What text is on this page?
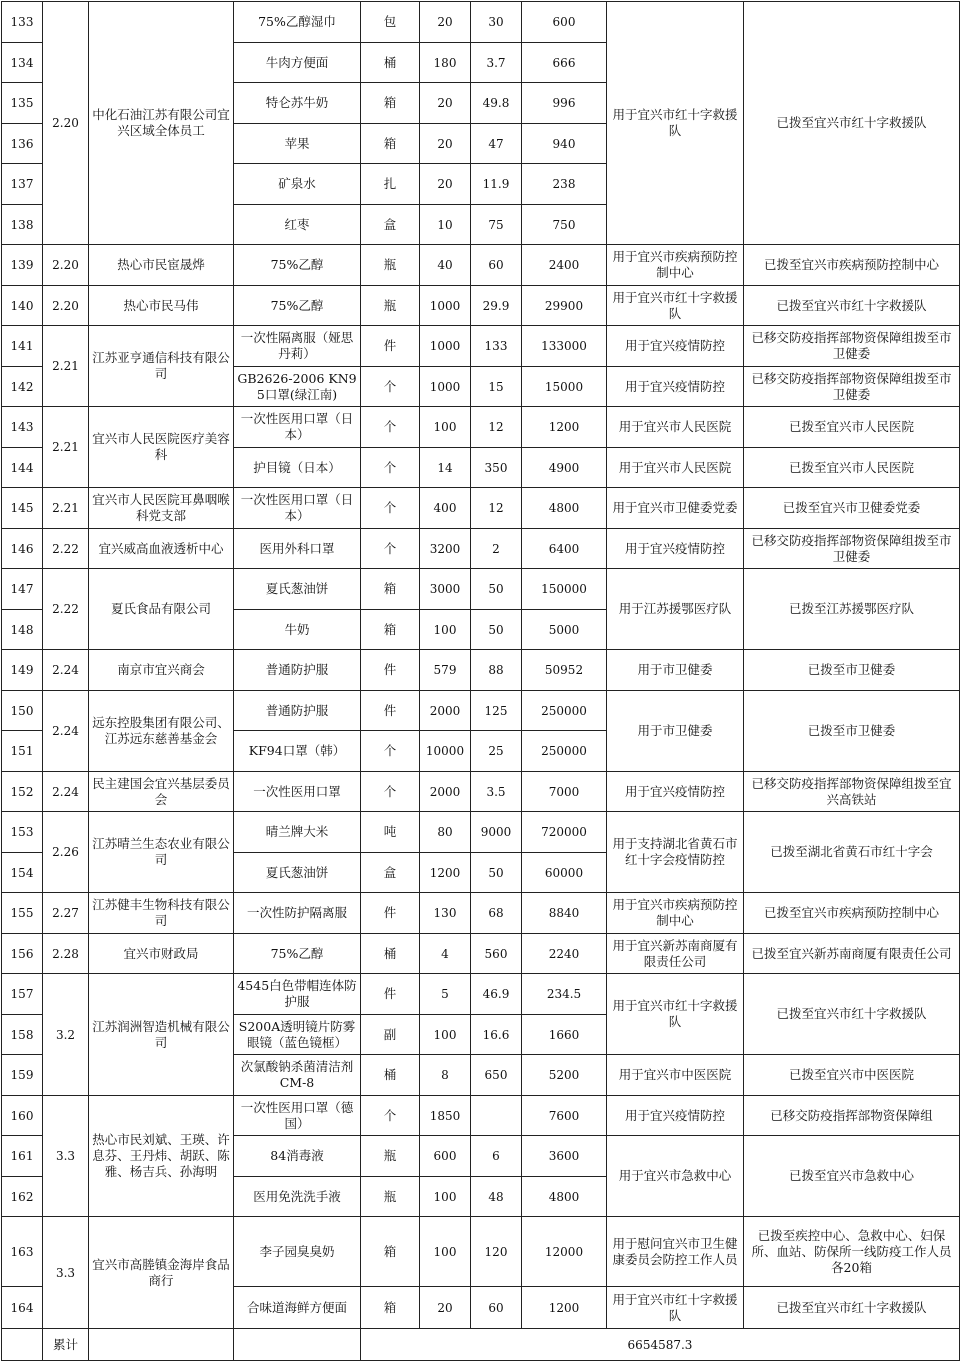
133	2.20	中化石油江苏有限公司宜兴区域全体员工	75%乙醇湿巾	包	20	30	600	用于宜兴市红十字救援队	已拨至宜兴市红十字救援队
134			牛肉方便面	桶	180	3.7	666		
135			特仑苏牛奶	箱	20	49.8	996		
136			苹果	箱	20	47	940		
137			矿泉水	扎	20	11.9	238		
138			红枣	盒	10	75	750		
139	2.20	热心市民宦晟烨	75%乙醇	瓶	40	60	2400	用于宜兴市疾病预防控制中心	已拨至宜兴市疾病预防控制中心
140	2.20	热心市民马伟	75%乙醇	瓶	1000	29.9	29900	用于宜兴市红十字救援队	已拨至宜兴市红十字救援队
141	2.21	江苏亚亨通信科技有限公司	一次性隔离服（娅思丹莉）	件	1000	133	133000	用于宜兴疫情防控	已移交防疫指挥部物资保障组拨至市卫健委
142			GB2626-2006 KN95口罩(绿江南)	个	1000	15	15000	用于宜兴疫情防控	已移交防疫指挥部物资保障组拨至市卫健委
143	2.21	宜兴市人民医院医疗美容科	一次性医用口罩（日本）	个	100	12	1200	用于宜兴市人民医院	已拨至宜兴市人民医院
144			护目镜（日本）	个	14	350	4900	用于宜兴市人民医院	已拨至宜兴市人民医院
145	2.21	宜兴市人民医院耳鼻咽喉科党支部	一次性医用口罩（日本）	个	400	12	4800	用于宜兴市卫健委党委	已拨至宜兴市卫健委党委
146	2.22	宜兴威高血液透析中心	医用外科口罩	个	3200	2	6400	用于宜兴疫情防控	已移交防疫指挥部物资保障组拨至市卫健委
147	2.22	夏氏食品有限公司	夏氏葱油饼	箱	3000	50	150000	用于江苏援鄂医疗队	已拨至江苏援鄂医疗队
148			牛奶	箱	100	50	5000		
149	2.24	南京市宜兴商会	普通防护服	件	579	88	50952	用于市卫健委	已拨至市卫健委
150	2.24	远东控股集团有限公司、江苏远东慈善基金会	普通防护服	件	2000	125	250000	用于市卫健委	已拨至市卫健委
151			KF94口罩（韩）	个	10000	25	250000		
152	2.24	民主建国会宜兴基层委员会	一次性医用口罩	个	2000	3.5	7000	用于宜兴疫情防控	已移交防疫指挥部物资保障组拨至宜兴高铁站
153	2.26	江苏晴兰生态农业有限公司	晴兰牌大米	吨	80	9000	720000	用于支持湖北省黄石市红十字会疫情防控	已拨至湖北省黄石市红十字会
154			夏氏葱油饼	盒	1200	50	60000		
155	2.27	江苏健丰生物科技有限公司	一次性防护隔离服	件	130	68	8840	用于宜兴市疾病预防控制中心	已拨至宜兴市疾病预防控制中心
156	2.28	宜兴市财政局	75%乙醇	桶	4	560	2240	用于宜兴新苏南商厦有限责任公司	已拨至宜兴新苏南商厦有限责任公司
157	3.2	江苏润洲智造机械有限公司	4545白色带帽连体防护服	件	5	46.9	234.5	用于宜兴市红十字救援队	已拨至宜兴市红十字救援队
158			S200A透明镜片防雾眼镜（蓝色镜框）	副	100	16.6	1660		
159			次氯酸钠杀菌清洁剂CM-8	桶	8	650	5200	用于宜兴市中医医院	已拨至宜兴市中医医院
160	3.3	热心市民刘斌、王瑛、许息芬、王丹炜、胡跃、陈雅、杨吉兵、孙海明	一次性医用口罩（德国）	个	1850		7600	用于宜兴疫情防控	已移交防疫指挥部物资保障组
161			84消毒液	瓶	600	6	3600	用于宜兴市急救中心	已拨至宜兴市急救中心
162			医用免洗洗手液	瓶	100	48	4800		
163	3.3	宜兴市高塍镇金海岸食品商行	李子园臭臭奶	箱	100	120	12000	用于慰问宜兴市卫生健康委员会防控工作人员	已拨至疾控中心、急救中心、妇保所、血站、防保所一线防疫工作人员各20箱
164			合味道海鲜方便面	箱	20	60	1200	用于宜兴市红十字救援队	已拨至宜兴市红十字救援队
	累计			6654587.3					
